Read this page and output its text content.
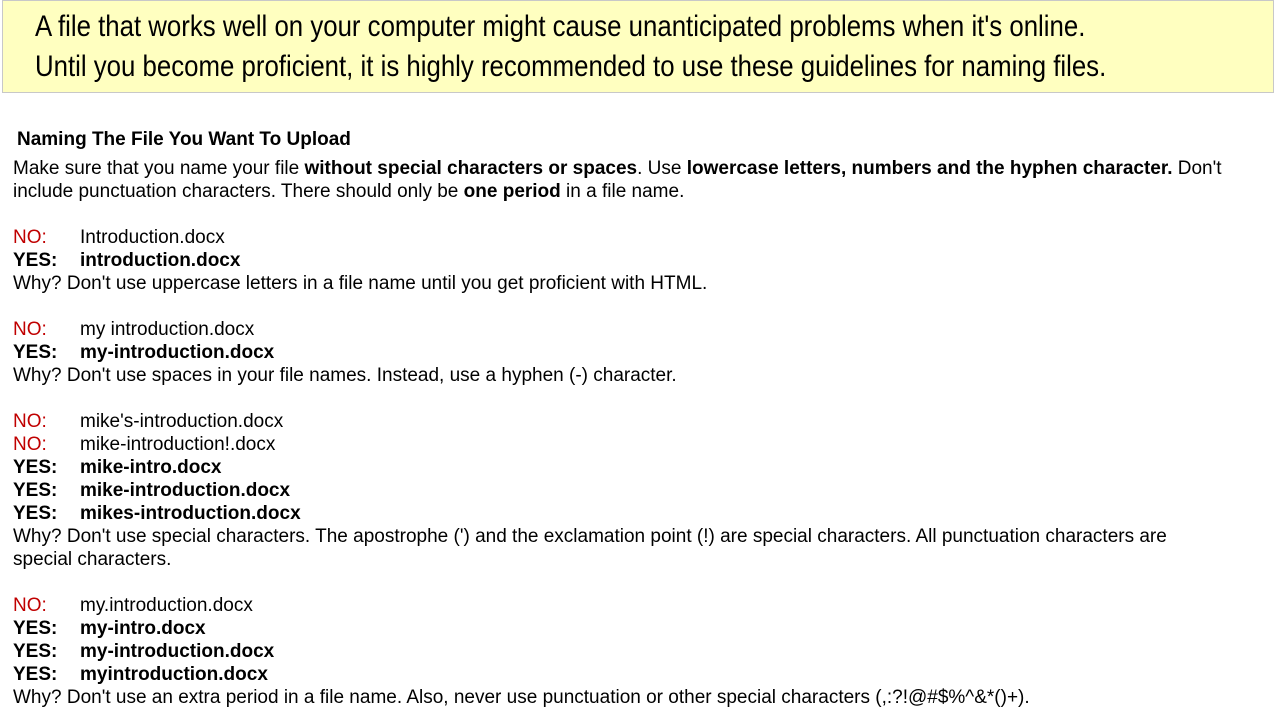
A file that works well on your computer might cause unanticipated problems when it's online.

Until you become proficient, it is highly recommended to use these guidelines for naming files.

Naming The File You Want To Upload

Make sure that you name your file without special characters or spaces. Use lowercase letters, numbers and the hyphen character. Don't include punctuation characters. There should only be one period in a file name.

NO: Introduction.docx
YES: introduction.docx

Why? Don't use uppercase letters in a file name until you get proficient with HTML.

NO: my introduction.docx
YES: my-introduction.docx

Why? Don't use spaces in your file names. Instead, use a hyphen (-) character.

NO: mike's-introduction.docx
NO: mike-introduction!.docx
YES: mike-intro.docx
YES: mike-introduction.docx
YES: mikes-introduction.docx

Why? Don't use special characters. The apostrophe (') and the exclamation point (!) are special characters. All punctuation characters are special characters.

NO: my.introduction.docx
YES: my-intro.docx
YES: my-introduction.docx
YES: myintroduction.docx

Why? Don't use an extra period in a file name. Also, never use punctuation or other special characters (,:?!@#$%^&*()+).
